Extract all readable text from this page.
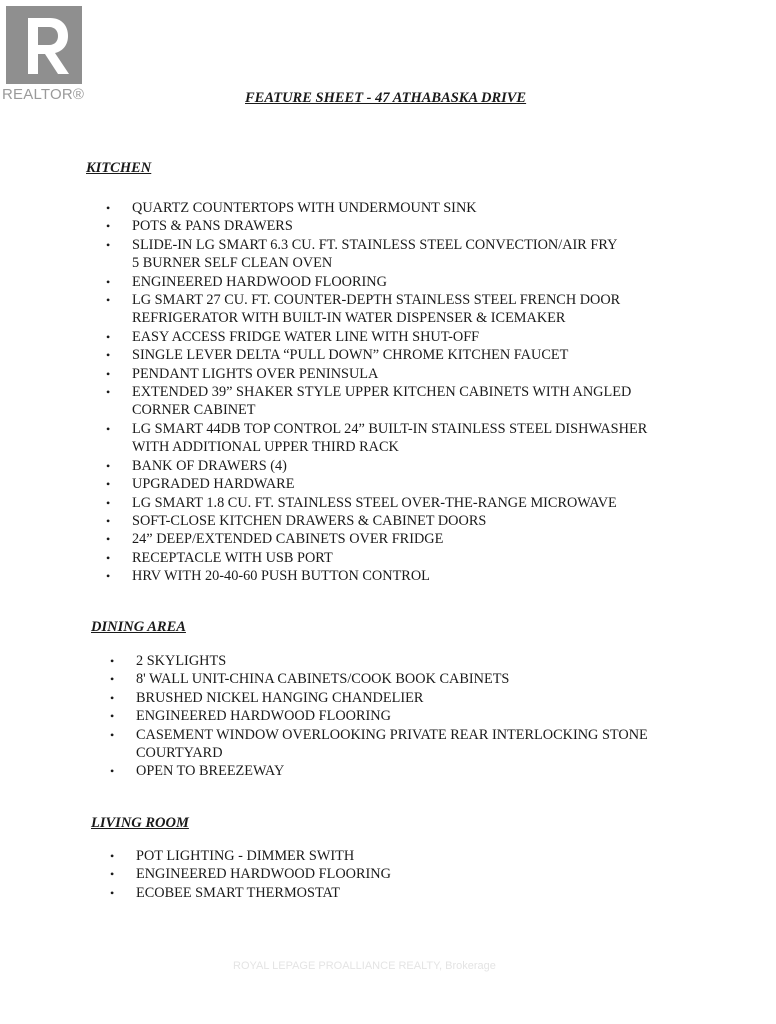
REALTOR®	FEATURE SHEET - 47 ATHABASKA DRIVE
KITCHEN
• QUARTZ COUNTERTOPS WITH UNDERMOUNT SINK
• POTS & PANS DRAWERS
• SLIDE-IN LG SMART 6.3 CU. FT. STAINLESS STEEL CONVECTION/AIR FRY
5 BURNER SELF CLEAN OVEN
• ENGINEERED HARDWOOD FLOORING
• LG SMART 27 CU. FT. COUNTER-DEPTH STAINLESS STEEL FRENCH DOOR
REFRIGERATOR WITH BUILT-IN WATER DISPENSER & ICEMAKER
• EASY ACCESS FRIDGE WATER LINE WITH SHUT-OFF
• SINGLE LEVER DELTA “PULL DOWN” CHROME KITCHEN FAUCET
• PENDANT LIGHTS OVER PENINSULA
• EXTENDED 39” SHAKER STYLE UPPER KITCHEN CABINETS WITH ANGLED
CORNER CABINET
• LG SMART 44DB TOP CONTROL 24” BUILT-IN STAINLESS STEEL DISHWASHER
WITH ADDITIONAL UPPER THIRD RACK
• BANK OF DRAWERS (4)
• UPGRADED HARDWARE
• LG SMART 1.8 CU. FT. STAINLESS STEEL OVER-THE-RANGE MICROWAVE
• SOFT-CLOSE KITCHEN DRAWERS & CABINET DOORS
• 24” DEEP/EXTENDED CABINETS OVER FRIDGE
• RECEPTACLE WITH USB PORT
• HRV WITH 20-40-60 PUSH BUTTON CONTROL
DINING AREA
• 2 SKYLIGHTS
• 8' WALL UNIT-CHINA CABINETS/COOK BOOK CABINETS
• BRUSHED NICKEL HANGING CHANDELIER
• ENGINEERED HARDWOOD FLOORING
• CASEMENT WINDOW OVERLOOKING PRIVATE REAR INTERLOCKING STONE
COURTYARD
• OPEN TO BREEZEWAY
LIVING ROOM
• POT LIGHTING - DIMMER SWITH
• ENGINEERED HARDWOOD FLOORING
• ECOBEE SMART THERMOSTAT
ROYAL LEPAGE PROALLIANCE REALTY, Brokerage
